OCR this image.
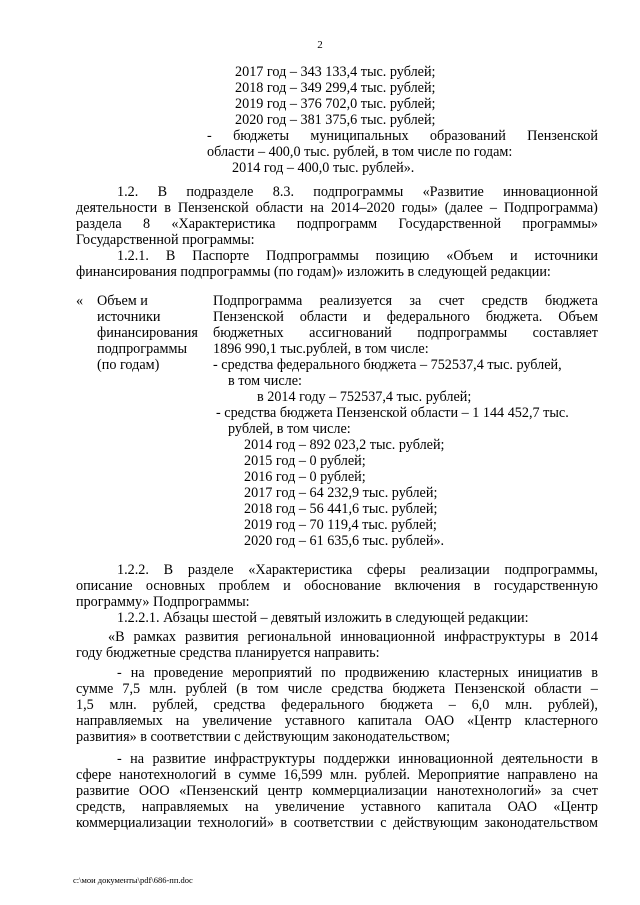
2
2017 год – 343 133,4 тыс. рублей;
2018 год – 349 299,4 тыс. рублей;
2019 год – 376 702,0 тыс. рублей;
2020 год – 381 375,6 тыс. рублей;
- бюджеты муниципальных образований Пензенской
области – 400,0 тыс. рублей, в том числе по годам:
2014 год – 400,0 тыс. рублей».
1.2. В подразделе 8.3. подпрограммы «Развитие инновационной
деятельности в Пензенской области на 2014–2020 годы» (далее – Подпрограмма)
раздела 8 «Характеристика подпрограмм Государственной программы»
Государственной программы:
1.2.1. В Паспорте Подпрограммы позицию «Объем и источники
финансирования подпрограммы (по годам)» изложить в следующей редакции:
« Объем и
источники
финансирования
подпрограммы
(по годам)
Подпрограмма реализуется за счет средств бюджета
Пензенской области и федерального бюджета. Объем
бюджетных ассигнований подпрограммы составляет
1896 990,1 тыс.рублей, в том числе:
- средства федерального бюджета – 752537,4 тыс. рублей,
в том числе:
в 2014 году – 752537,4 тыс. рублей;
- средства бюджета Пензенской области – 1 144 452,7 тыс.
рублей, в том числе:
2014 год – 892 023,2 тыс. рублей;
2015 год – 0 рублей;
2016 год – 0 рублей;
2017 год – 64 232,9 тыс. рублей;
2018 год – 56 441,6 тыс. рублей;
2019 год – 70 119,4 тыс. рублей;
2020 год – 61 635,6 тыс. рублей».
1.2.2. В разделе «Характеристика сферы реализации подпрограммы,
описание основных проблем и обоснование включения в государственную
программу» Подпрограммы:
1.2.2.1. Абзацы шестой – девятый изложить в следующей редакции:
«В рамках развития региональной инновационной инфраструктуры в 2014
году бюджетные средства планируется направить:
- на проведение мероприятий по продвижению кластерных инициатив в
сумме 7,5 млн. рублей (в том числе средства бюджета Пензенской области –
1,5 млн. рублей, средства федерального бюджета – 6,0 млн. рублей),
направляемых на увеличение уставного капитала ОАО «Центр кластерного
развития» в соответствии с действующим законодательством;
- на развитие инфраструктуры поддержки инновационной деятельности в
сфере нанотехнологий в сумме 16,599 млн. рублей. Мероприятие направлено на
развитие ООО «Пензенский центр коммерциализации нанотехнологий» за счет
средств, направляемых на увеличение уставного капитала ОАО «Центр
коммерциализации технологий» в соответствии с действующим законодательством
с:\мои документы\pdf\686-пп.doc
